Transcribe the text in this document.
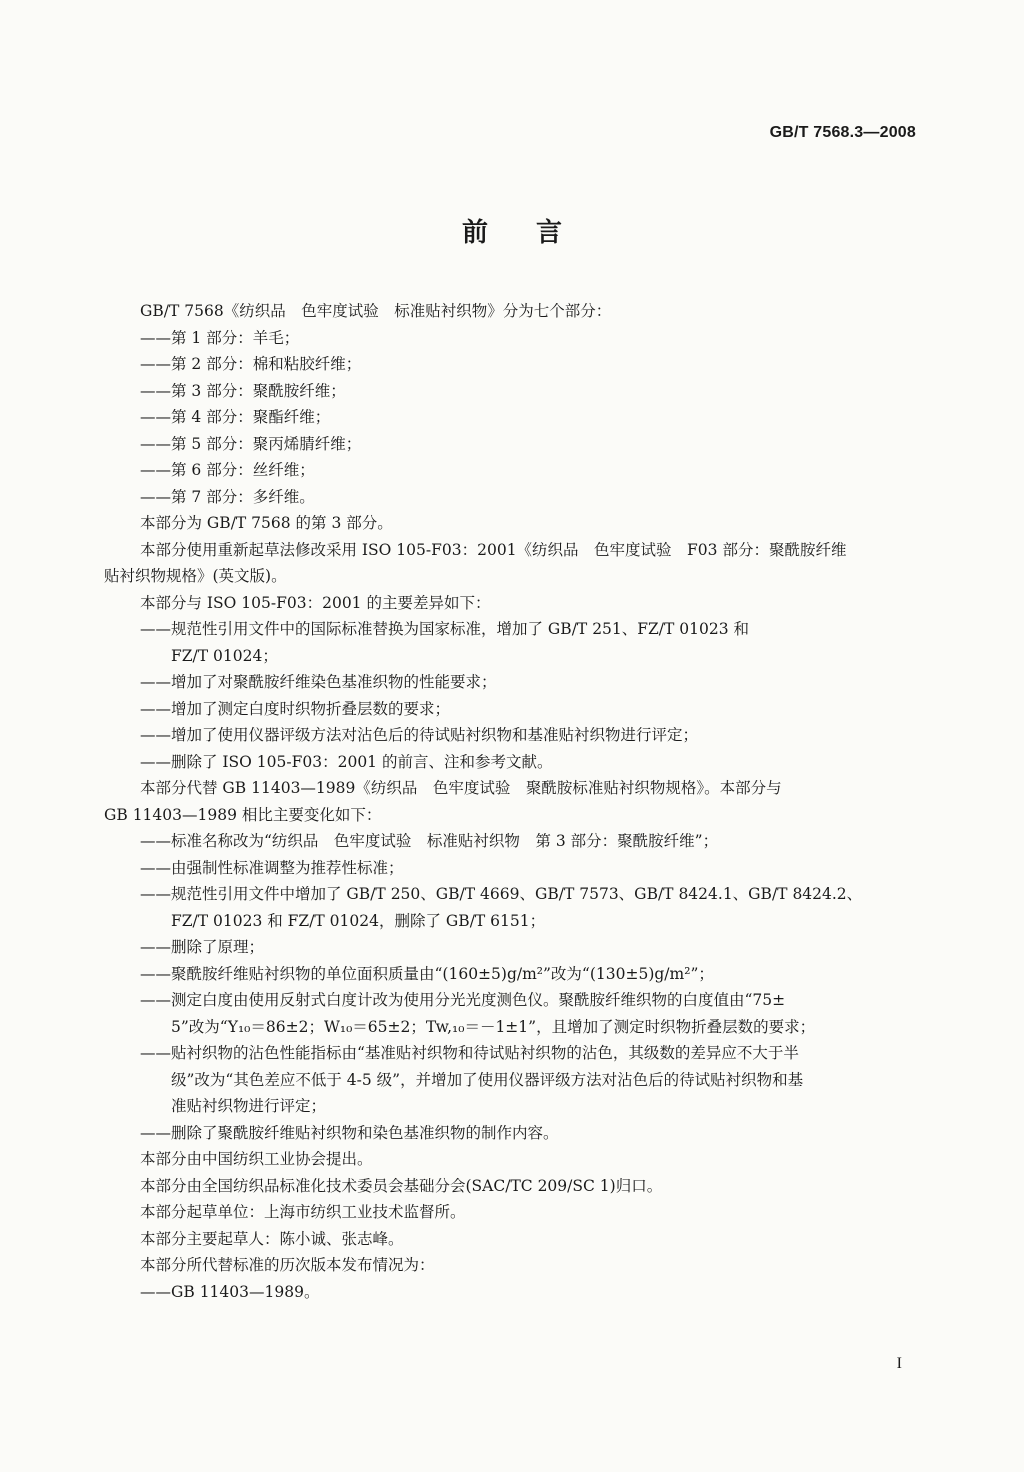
GB/T 7568.3—2008
前言

GB/T 7568《纺织品　色牢度试验　标准贴衬织物》分为七个部分：

——第 1 部分：羊毛；

——第 2 部分：棉和粘胶纤维；

——第 3 部分：聚酰胺纤维；

——第 4 部分：聚酯纤维；

——第 5 部分：聚丙烯腈纤维；

——第 6 部分：丝纤维；

——第 7 部分：多纤维。

本部分为 GB/T 7568 的第 3 部分。

本部分使用重新起草法修改采用 ISO 105-F03：2001《纺织品　色牢度试验　F03 部分：聚酰胺纤维

贴衬织物规格》(英文版)。

本部分与 ISO 105-F03：2001 的主要差异如下：

——规范性引用文件中的国际标准替换为国家标准，增加了 GB/T 251、FZ/T 01023 和

FZ/T 01024；

——增加了对聚酰胺纤维染色基准织物的性能要求；

——增加了测定白度时织物折叠层数的要求；

——增加了使用仪器评级方法对沾色后的待试贴衬织物和基准贴衬织物进行评定；

——删除了 ISO 105-F03：2001 的前言、注和参考文献。

本部分代替 GB 11403—1989《纺织品　色牢度试验　聚酰胺标准贴衬织物规格》。本部分与

GB 11403—1989 相比主要变化如下：

——标准名称改为“纺织品　色牢度试验　标准贴衬织物　第 3 部分：聚酰胺纤维”；

——由强制性标准调整为推荐性标准；

——规范性引用文件中增加了 GB/T 250、GB/T 4669、GB/T 7573、GB/T 8424.1、GB/T 8424.2、

FZ/T 01023 和 FZ/T 01024，删除了 GB/T 6151；

——删除了原理；

——聚酰胺纤维贴衬织物的单位面积质量由“(160±5)g/m²”改为“(130±5)g/m²”；

——测定白度由使用反射式白度计改为使用分光光度测色仪。聚酰胺纤维织物的白度值由“75±

5”改为“Y₁₀＝86±2；W₁₀＝65±2；Tw,₁₀＝－1±1”，且增加了测定时织物折叠层数的要求；

——贴衬织物的沾色性能指标由“基准贴衬织物和待试贴衬织物的沾色，其级数的差异应不大于半

级”改为“其色差应不低于 4-5 级”，并增加了使用仪器评级方法对沾色后的待试贴衬织物和基

准贴衬织物进行评定；

——删除了聚酰胺纤维贴衬织物和染色基准织物的制作内容。

本部分由中国纺织工业协会提出。

本部分由全国纺织品标准化技术委员会基础分会(SAC/TC 209/SC 1)归口。

本部分起草单位：上海市纺织工业技术监督所。

本部分主要起草人：陈小诚、张志峰。

本部分所代替标准的历次版本发布情况为：

——GB 11403—1989。

I
